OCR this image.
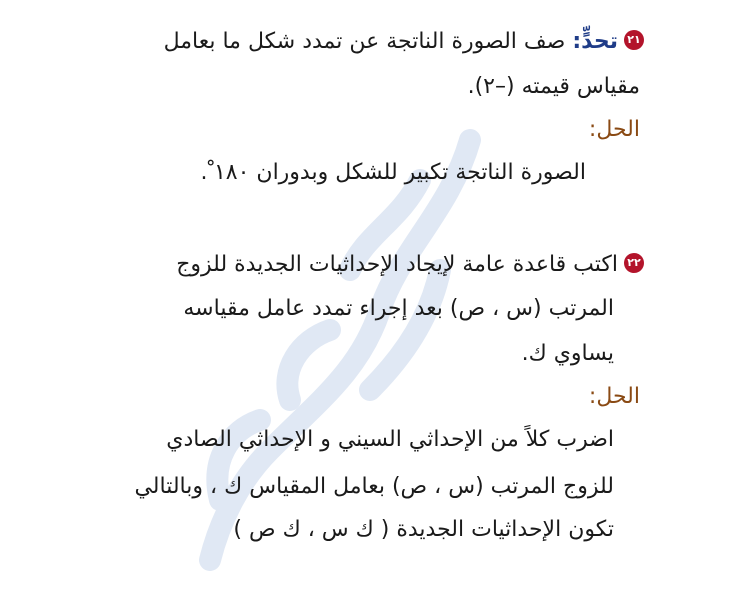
٢١تحدٍّ: صف الصورة الناتجة عن تمدد شكل ما بعامل
مقياس قيمته (–٢).
الحل:
الصورة الناتجة تكبير للشكل وبدوران ١٨٠ ْ.
٢٢اكتب قاعدة عامة لإيجاد الإحداثيات الجديدة للزوج
المرتب (س ، ص) بعد إجراء تمدد عامل مقياسه
يساوي ك.
الحل:
اضرب كلاً من الإحداثي السيني و الإحداثي الصادي
للزوج المرتب (س ، ص) بعامل المقياس ك ، وبالتالي
تكون الإحداثيات الجديدة ( ك س ، ك ص )
